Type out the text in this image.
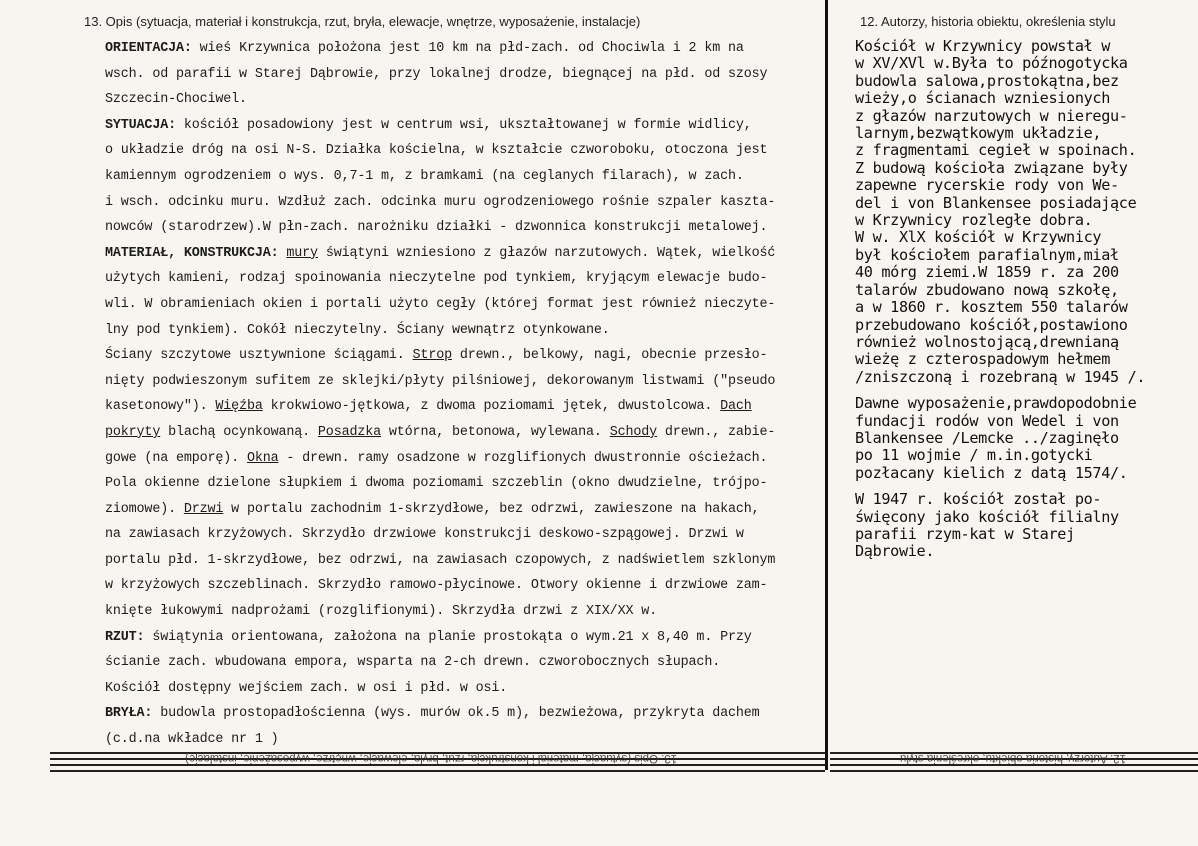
13. Opis (sytuacja, materiał i konstrukcja, rzut, bryła, elewacje, wnętrze, wyposażenie, instalacje)	12. Autorzy, historia obiektu, określenia stylu
ORIENTACJA: wieś Krzywnica położona jest 10 km na płd-zach. od Chociwla i 2 km na
wsch. od parafii w Starej Dąbrowie, przy lokalnej drodze, biegnącej na płd. od szosy
Szczecin-Chociwel.
SYTUACJA: kościół posadowiony jest w centrum wsi, ukształtowanej w formie widlicy,
o układzie dróg na osi N-S. Działka kościelna, w kształcie czworoboku, otoczona jest
kamiennym ogrodzeniem o wys. 0,7-1 m, z bramkami (na ceglanych filarach), w zach.
i wsch. odcinku muru. Wzdłuż zach. odcinka muru ogrodzeniowego rośnie szpaler kaszta-
nowców (starodrzew).W płn-zach. narożniku działki - dzwonnica konstrukcji metalowej.
MATERIAŁ, KONSTRUKCJA: mury świątyni wzniesiono z głazów narzutowych. Wątek, wielkość
użytych kamieni, rodzaj spoinowania nieczytelne pod tynkiem, kryjącym elewacje budo-
wli. W obramieniach okien i portali użyto cegły (której format jest również nieczyte-
lny pod tynkiem). Cokół nieczytelny. Ściany wewnątrz otynkowane.
Ściany szczytowe usztywnione ściągami. Strop drewn., belkowy, nagi, obecnie przesło-
nięty podwieszonym sufitem ze sklejki/płyty pilśniowej, dekorowanym listwami ("pseudo
kasetonowy"). Więźba krokwiowo-jętkowa, z dwoma poziomami jętek, dwustolcowa. Dach
pokryty blachą ocynkowaną. Posadzka wtórna, betonowa, wylewana. Schody drewn., zabie-
gowe (na emporę). Okna - drewn. ramy osadzone w rozglifionych dwustronnie ościeżach.
Pola okienne dzielone słupkiem i dwoma poziomami szczeblin (okno dwudzielne, trójpo-
ziomowe). Drzwi w portalu zachodnim 1-skrzydłowe, bez odrzwi, zawieszone na hakach,
na zawiasach krzyżowych. Skrzydło drzwiowe konstrukcji deskowo-szpągowej. Drzwi w
portalu płd. 1-skrzydłowe, bez odrzwi, na zawiasach czopowych, z nadświetlem szklonym
w krzyżowych szczeblinach. Skrzydło ramowo-płycinowe. Otwory okienne i drzwiowe zam-
knięte łukowymi nadprożami (rozglifionymi). Skrzydła drzwi z XIX/XX w.
RZUT: świątynia orientowana, założona na planie prostokąta o wym.21 x 8,40 m. Przy
ścianie zach. wbudowana empora, wsparta na 2-ch drewn. czworobocznych słupach.
Kościół dostępny wejściem zach. w osi i płd. w osi.
BRYŁA: budowla prostopadłościenna (wys. murów ok.5 m), bezwieżowa, przykryta dachem
(c.d.na wkładce nr 1 )
Kościół w Krzywnicy powstał w
w XV/XVl w.Była to późnogotycka
budowla salowa,prostokątna,bez
wieży,o ścianach wzniesionych
z głazów narzutowych w nieregu-
larnym,bezwątkowym układzie,
z fragmentami cegieł w spoinach.
Z budową kościoła związane były
zapewne rycerskie rody von We-
del i von Blankensee posiadające
w Krzywnicy rozległe dobra.
W w. XlX kościół w Krzywnicy
był kościołem parafialnym,miał
40 mórg ziemi.W 1859 r. za 200
talarów zbudowano nową szkołę,
a w 1860 r. kosztem 550 talarów
przebudowano kościół,postawiono
również wolnostojącą,drewnianą
wieżę z czterospadowym hełmem
/zniszczoną i rozebraną w 1945 /.
Dawne wyposażenie,prawdopodobnie
fundacji rodów von Wedel i von
Blankensee /Lemcke ../zaginęło
po 11 wojmie / m.in.gotycki
pozłacany kielich z datą 1574/.
W 1947 r. kościół został po-
święcony jako kościół filialny
parafii rzym-kat w Starej
Dąbrowie.
13. Opis (sytuacja, materiał i konstrukcja, rzut, bryła, elewacje, wnętrze, wyposażenie, instalacje)	12. Autorzy, historia obiektu, określenia stylu
